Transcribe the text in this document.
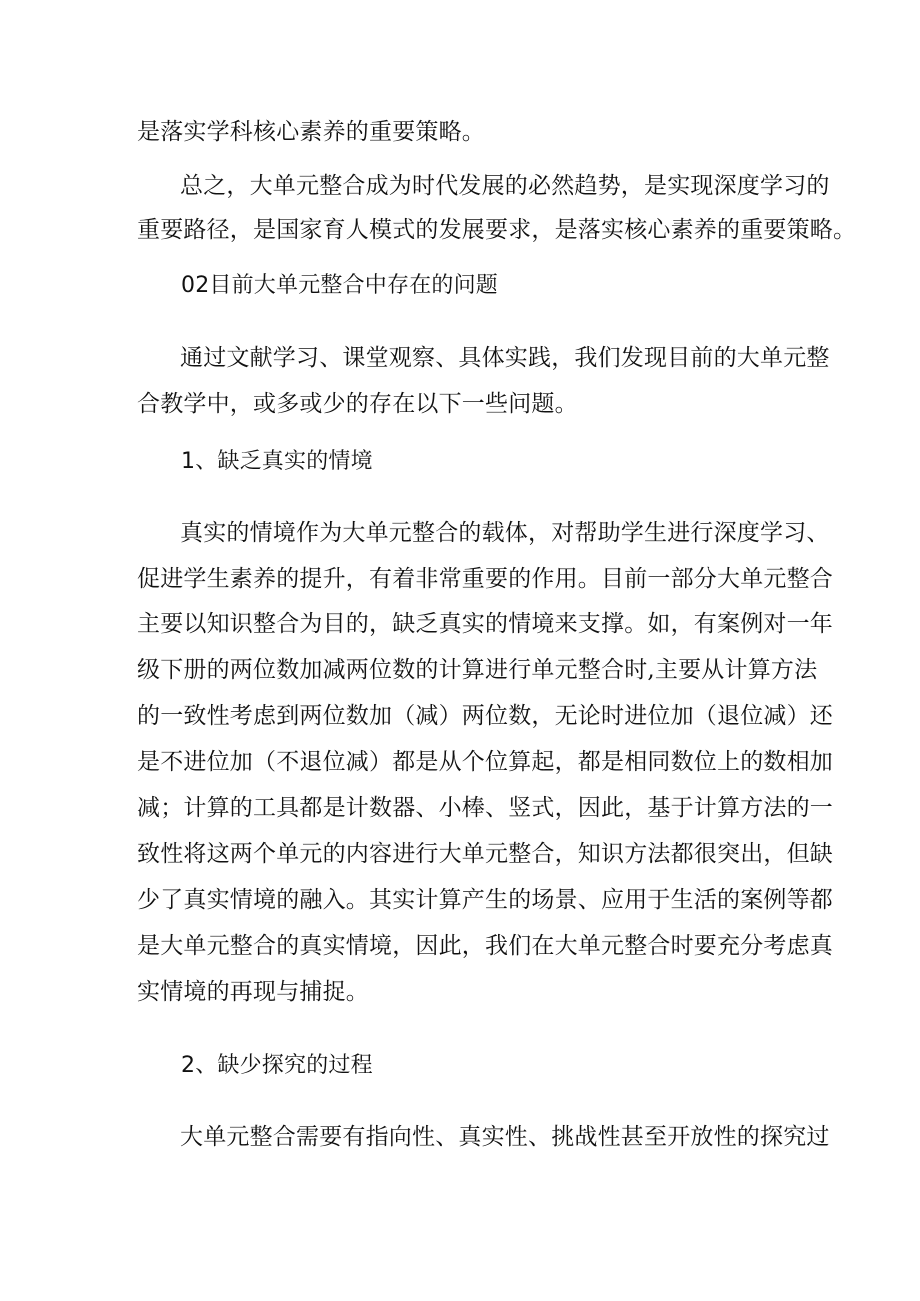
是落实学科核心素养的重要策略。
总之，大单元整合成为时代发展的必然趋势，是实现深度学习的
重要路径，是国家育人模式的发展要求，是落实核心素养的重要策略。
02目前大单元整合中存在的问题
通过文献学习、课堂观察、具体实践，我们发现目前的大单元整
合教学中，或多或少的存在以下一些问题。
1、缺乏真实的情境
真实的情境作为大单元整合的载体，对帮助学生进行深度学习、
促进学生素养的提升，有着非常重要的作用。目前一部分大单元整合
主要以知识整合为目的，缺乏真实的情境来支撑。如，有案例对一年
级下册的两位数加减两位数的计算进行单元整合时,主要从计算方法
的一致性考虑到两位数加（减）两位数，无论时进位加（退位减）还
是不进位加（不退位减）都是从个位算起，都是相同数位上的数相加
减；计算的工具都是计数器、小棒、竖式，因此，基于计算方法的一
致性将这两个单元的内容进行大单元整合，知识方法都很突出，但缺
少了真实情境的融入。其实计算产生的场景、应用于生活的案例等都
是大单元整合的真实情境，因此，我们在大单元整合时要充分考虑真
实情境的再现与捕捉。
2、缺少探究的过程
大单元整合需要有指向性、真实性、挑战性甚至开放性的探究过
